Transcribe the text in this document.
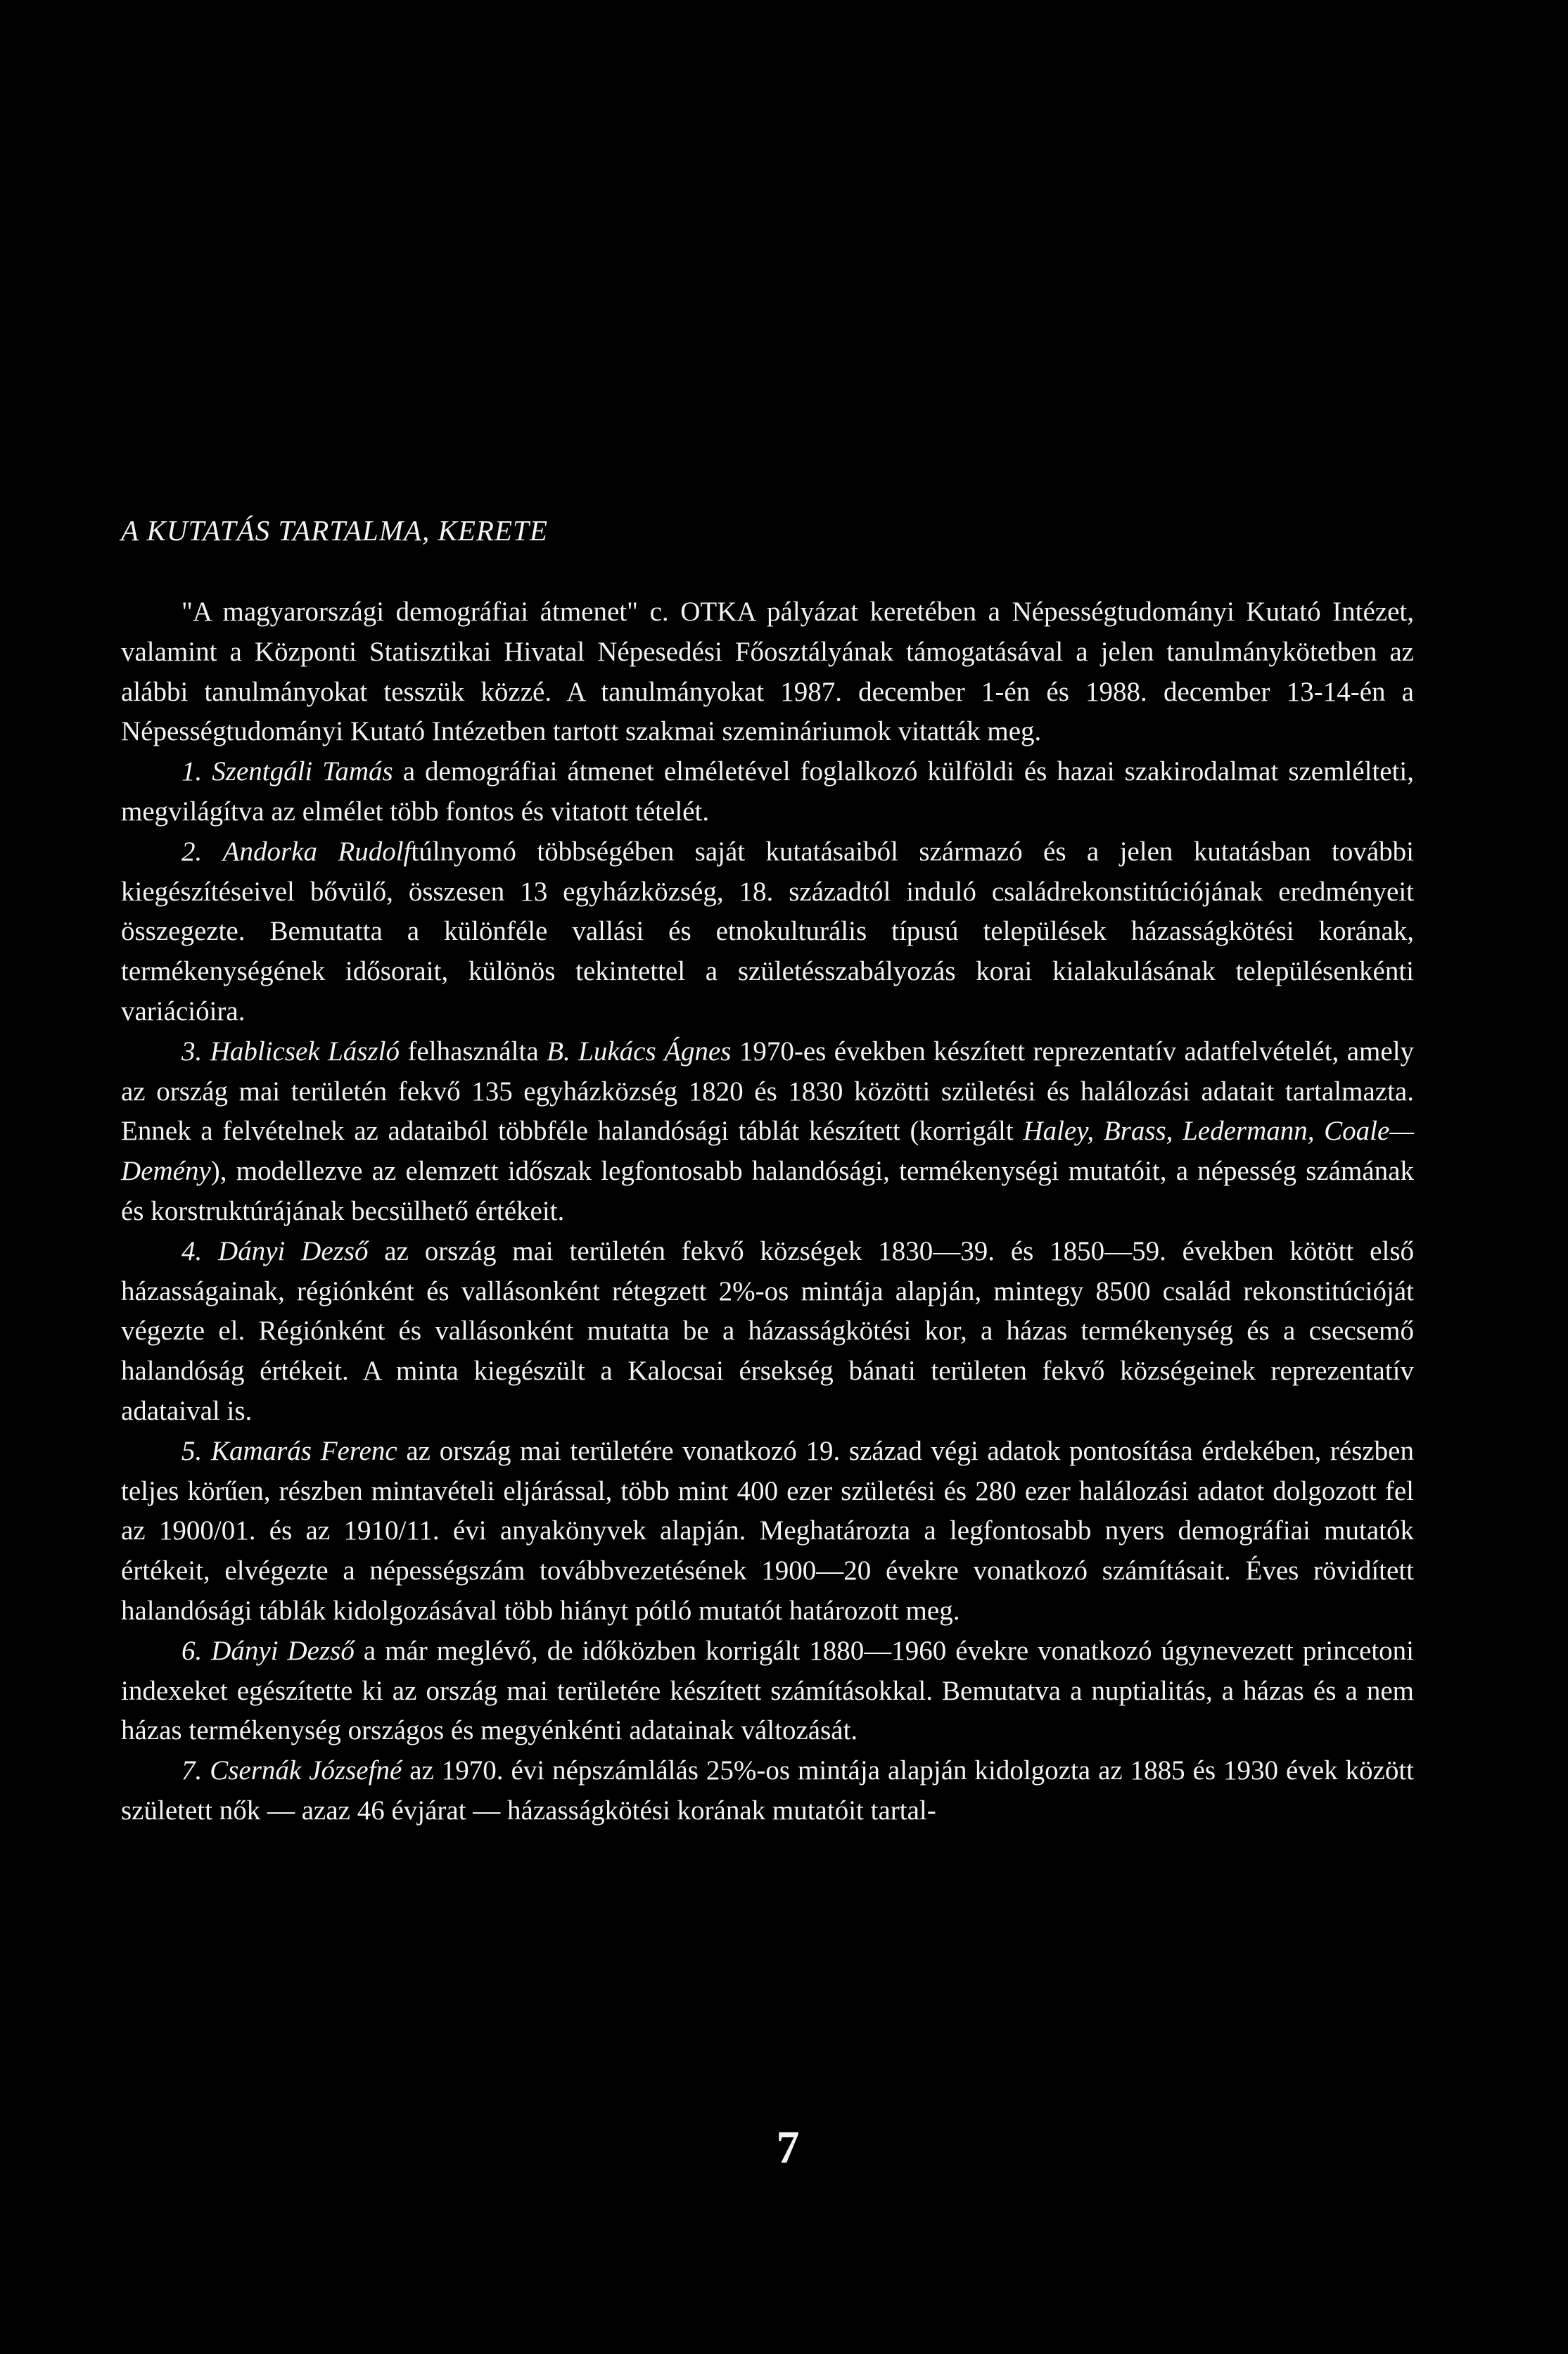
A KUTATÁS TARTALMA, KERETE

"A magyarországi demográfiai átmenet" c. OTKA pályázat keretében a Népességtudományi Kutató Intézet, valamint a Központi Statisztikai Hivatal Népesedési Főosztályának támogatásával a jelen tanulmánykötetben az alábbi tanulmányokat tesszük közzé. A tanulmányokat 1987. december 1-én és 1988. december 13-14-én a Népességtudományi Kutató Intézetben tartott szakmai szemináriumok vitatták meg.

1. Szentgáli Tamás a demográfiai átmenet elméletével foglalkozó külföldi és hazai szakirodalmat szemlélteti, megvilágítva az elmélet több fontos és vitatott tételét.

2. Andorka Rudolftúlnyomó többségében saját kutatásaiból származó és a jelen kutatásban további kiegészítéseivel bővülő, összesen 13 egyházközség, 18. századtól induló családrekonstitúciójának eredményeit összegezte. Bemutatta a különféle vallási és etnokulturális típusú települések házasságkötési korának, termékenységének idősorait, különös tekintettel a születésszabályozás korai kialakulásának településenkénti variációira.

3. Hablicsek László felhasználta B. Lukács Ágnes 1970-es években készített reprezentatív adatfelvételét, amely az ország mai területén fekvő 135 egyházközség 1820 és 1830 közötti születési és halálozási adatait tartalmazta. Ennek a felvételnek az adataiból többféle halandósági táblát készített (korrigált Haley, Brass, Ledermann, Coale—Demény), modellezve az elemzett időszak legfontosabb halandósági, termékenységi mutatóit, a népesség számának és korstruktúrájának becsülhető értékeit.

4. Dányi Dezső az ország mai területén fekvő községek 1830—39. és 1850—59. években kötött első házasságainak, régiónként és vallásonként rétegzett 2%-os mintája alapján, mintegy 8500 család rekonstitúcióját végezte el. Régiónként és vallásonként mutatta be a házasságkötési kor, a házas termékenység és a csecsemő halandóság értékeit. A minta kiegészült a Kalocsai érsekség bánati területen fekvő községeinek reprezentatív adataival is.

5. Kamarás Ferenc az ország mai területére vonatkozó 19. század végi adatok pontosítása érdekében, részben teljes körűen, részben mintavételi eljárással, több mint 400 ezer születési és 280 ezer halálozási adatot dolgozott fel az 1900/01. és az 1910/11. évi anyakönyvek alapján. Meghatározta a legfontosabb nyers demográfiai mutatók értékeit, elvégezte a népességszám továbbvezetésének 1900—20 évekre vonatkozó számításait. Éves rövidített halandósági táblák kidolgozásával több hiányt pótló mutatót határozott meg.

6. Dányi Dezső a már meglévő, de időközben korrigált 1880—1960 évekre vonatkozó úgynevezett princetoni indexeket egészítette ki az ország mai területére készített számításokkal. Bemutatva a nuptialitás, a házas és a nem házas termékenység országos és megyénkénti adatainak változását.

7. Csernák Józsefné az 1970. évi népszámlálás 25%-os mintája alapján kidolgozta az 1885 és 1930 évek között született nők — azaz 46 évjárat — házasságkötési korának mutatóit tartal-

7
